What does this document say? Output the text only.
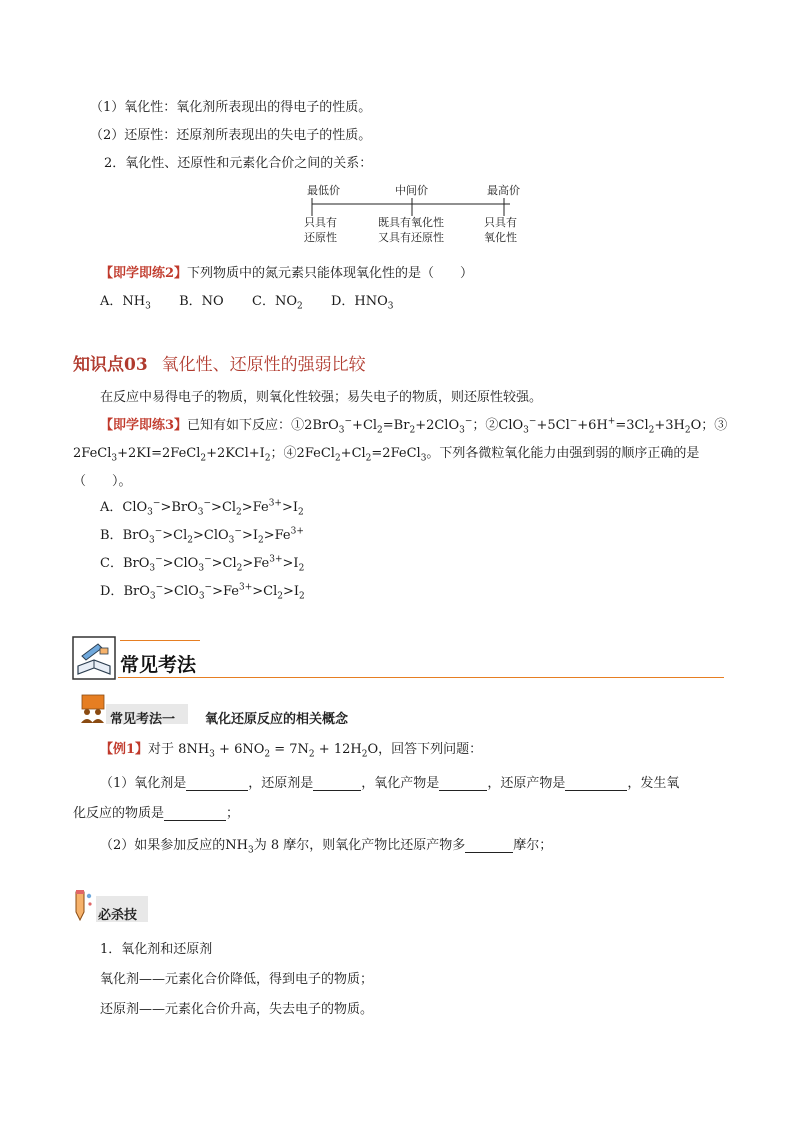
（1）氧化性：氧化剂所表现出的得电子的性质。
（2）还原性：还原剂所表现出的失电子的性质。
2．氧化性、还原性和元素化合价之间的关系：
最低价	中间价	最高价
只具有
还原性
既具有氧化性
又具有还原性
只具有
氧化性
【即学即练2】下列物质中的氮元素只能体现氧化性的是（　　）
A．$NH_3$ B．NO C．$NO_2$ D．$HNO_3$
知识点03 氧化性、还原性的强弱比较
在反应中易得电子的物质，则氧化性较强；易失电子的物质，则还原性较强。
【即学即练3】已知有如下反应：$①2BrO_3^-+Cl_2=Br_2+2ClO_3^-$；$②ClO_3^-+5Cl^-+6H^+=3Cl_2+3H_2O$；③
$2FeCl_3+2KI=2FeCl_2+2KCl+I_2$；$④2FeCl_2+Cl_2=2FeCl_3$。下列各微粒氧化能力由强到弱的顺序正确的是
（　　）。
A．$ClO_3^->BrO_3^->Cl_2>Fe^{3+}>I_2$
B．$BrO_3^->Cl_2>ClO_3^->I_2>Fe^{3+}$
C．$BrO_3^->ClO_3^->Cl_2>Fe^{3+}>I_2$
D．$BrO_3^->ClO_3^->Fe^{3+}>Cl_2>I_2$
常见考法
常见考法一 氧化还原反应的相关概念
【例1】对于 $8NH_3 + 6NO_2 = 7N_2 + 12H_2O$，回答下列问题：
（1）氧化剂是	，还原剂是	，氧化产物是	，还原产物是	，发生氧
化反应的物质是	；
（2）如果参加反应的$NH_3$为 8 摩尔，则氧化产物比还原产物多	摩尔；
必杀技
1．氧化剂和还原剂
氧化剂——元素化合价降低，得到电子的物质；
还原剂——元素化合价升高，失去电子的物质。
